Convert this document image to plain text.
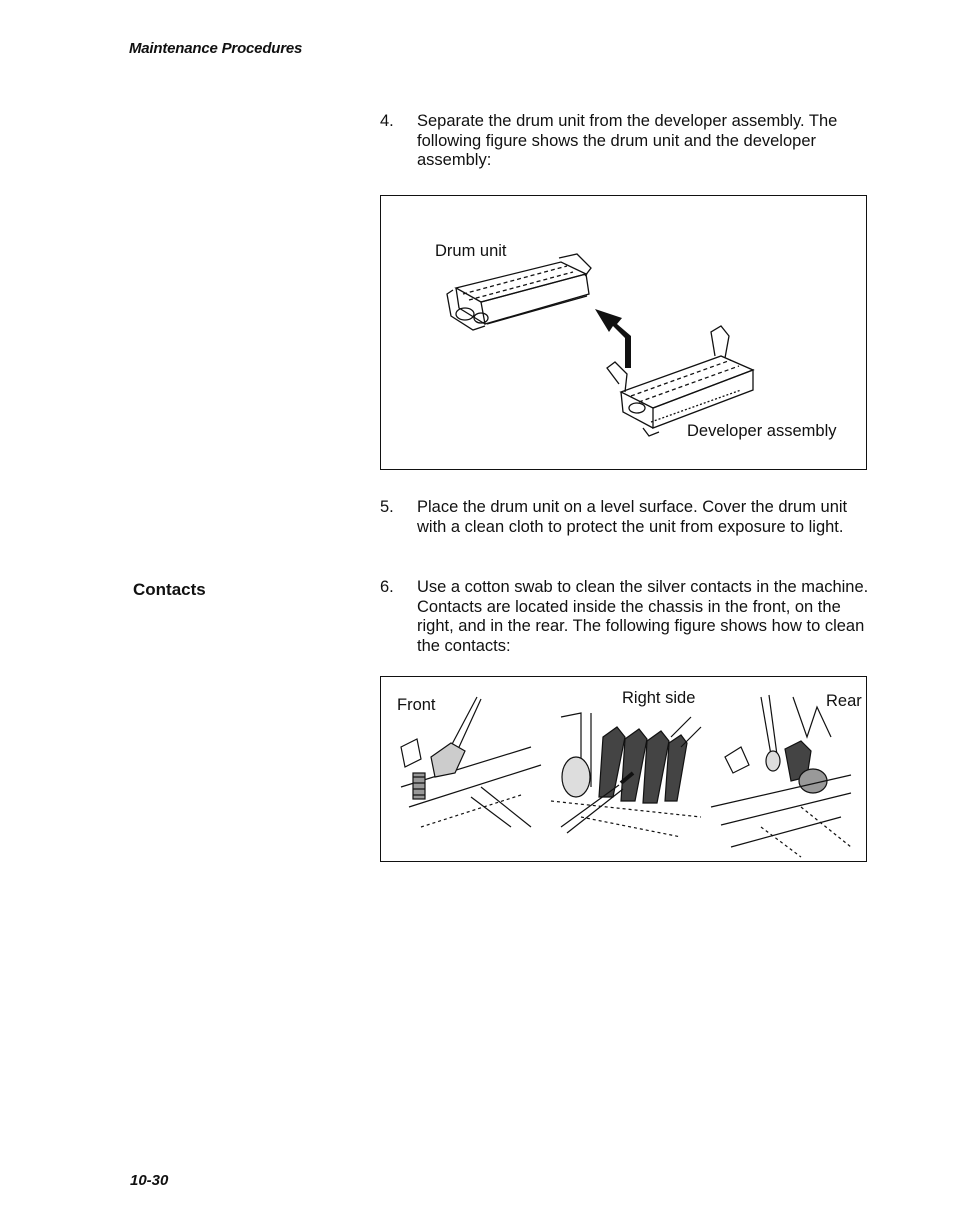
Maintenance Procedures
4. Separate the drum unit from the developer assembly. The following figure shows the drum unit and the developer assembly:
Drum unit
Developer assembly
5. Place the drum unit on a level surface. Cover the drum unit with a clean cloth to protect the unit from exposure to light.
Contacts	6. Use a cotton swab to clean the silver contacts in the machine. Contacts are located inside the chassis in the front, on the right, and in the rear. The following figure shows how to clean the contacts:
Front	Right side	Rear
10-30
